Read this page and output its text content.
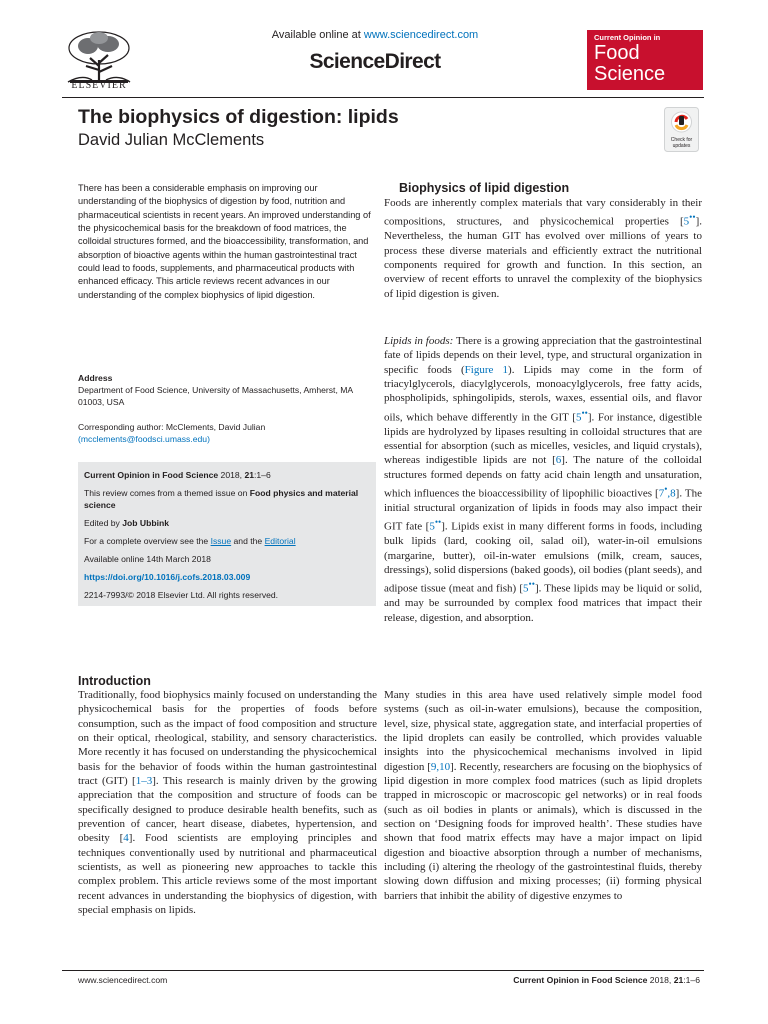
ELSEVIER
Available online at www.sciencedirect.com
ScienceDirect
Current Opinion in
Food
Science
The biophysics of digestion: lipids
David Julian McClements	Check for
updates
There has been a considerable emphasis on improving our understanding of the biophysics of digestion by food, nutrition and pharmaceutical scientists in recent years. An improved understanding of the physicochemical basis for the breakdown of food matrices, the colloidal structures formed, and the bioaccessibility, transformation, and absorption of bioactive agents within the human gastrointestinal tract could lead to foods, supplements, and pharmaceutical products with enhanced efficacy. This article reviews recent advances in our understanding of the complex biophysics of lipid digestion.
Address
Department of Food Science, University of Massachusetts, Amherst, MA 01003, USA
Corresponding author: McClements, David Julian
(mcclements@foodsci.umass.edu)
Current Opinion in Food Science 2018, 21:1–6
This review comes from a themed issue on Food physics and material science
Edited by Job Ubbink
For a complete overview see the Issue and the Editorial
Available online 14th March 2018
https://doi.org/10.1016/j.cofs.2018.03.009
2214-7993/© 2018 Elsevier Ltd. All rights reserved.
Introduction
Traditionally, food biophysics mainly focused on understanding the physicochemical basis for the properties of foods before consumption, such as the impact of food composition and structure on their optical, rheological, stability, and sensory characteristics. More recently it has focused on understanding the physicochemical basis for the behavior of foods within the human gastrointestinal tract (GIT) [1–3]. This research is mainly driven by the growing appreciation that the composition and structure of foods can be specifically designed to produce desirable health benefits, such as prevention of cancer, heart disease, diabetes, hypertension, and obesity [4]. Food scientists are employing principles and techniques conventionally used by nutritional and pharmaceutical scientists, as well as pioneering new approaches to tackle this complex problem. This article reviews some of the most important recent advances in understanding the biophysics of digestion, with special emphasis on lipids.
Biophysics of lipid digestion
Foods are inherently complex materials that vary considerably in their compositions, structures, and physicochemical properties [5••]. Nevertheless, the human GIT has evolved over millions of years to process these diverse materials and efficiently extract the nutritional components required for growth and function. In this section, an overview of recent efforts to unravel the complexity of the biophysics of lipid digestion is given.
Lipids in foods: There is a growing appreciation that the gastrointestinal fate of lipids depends on their level, type, and structural organization in specific foods (Figure 1). Lipids may come in the form of triacylglycerols, diacylglycerols, monoacylglycerols, free fatty acids, phospholipids, sphingolipids, sterols, waxes, essential oils, and flavor oils, which behave differently in the GIT [5••]. For instance, digestible lipids are hydrolyzed by lipases resulting in colloidal structures that are essential for absorption (such as micelles, vesicles, and liquid crystals), whereas indigestible lipids are not [6]. The nature of the colloidal structures formed depends on fatty acid chain length and unsaturation, which influences the bioaccessibility of lipophilic bioactives [7•,8]. The initial structural organization of lipids in foods may also impact their GIT fate [5••]. Lipids exist in many different forms in foods, including bulk lipids (lard, cooking oil, salad oil), water-in-oil emulsions (margarine, butter), oil-in-water emulsions (milk, cream, sauces, dressings), solid dispersions (baked goods), oil bodies (plant seeds), and adipose tissue (meat and fish) [5••]. These lipids may be liquid or solid, and may be surrounded by complex food matrices that impact their release, digestion, and absorption.
Many studies in this area have used relatively simple model food systems (such as oil-in-water emulsions), because the composition, level, size, physical state, aggregation state, and interfacial properties of the lipid droplets can easily be controlled, which provides valuable insights into the physicochemical mechanisms involved in lipid digestion [9,10]. Recently, researchers are focusing on the biophysics of lipid digestion in more complex food matrices (such as lipid droplets trapped in microscopic or macroscopic gel networks) or in real foods (such as oil bodies in plants or animals), which is discussed in the section on ‘Designing foods for improved health’. These studies have shown that food matrix effects may have a major impact on lipid digestion and bioactive absorption through a number of mechanisms, including (i) altering the rheology of the gastrointestinal fluids, thereby slowing down diffusion and mixing processes; (ii) forming physical barriers that inhibit the ability of digestive enzymes to
www.sciencedirect.com	Current Opinion in Food Science 2018, 21:1–6
